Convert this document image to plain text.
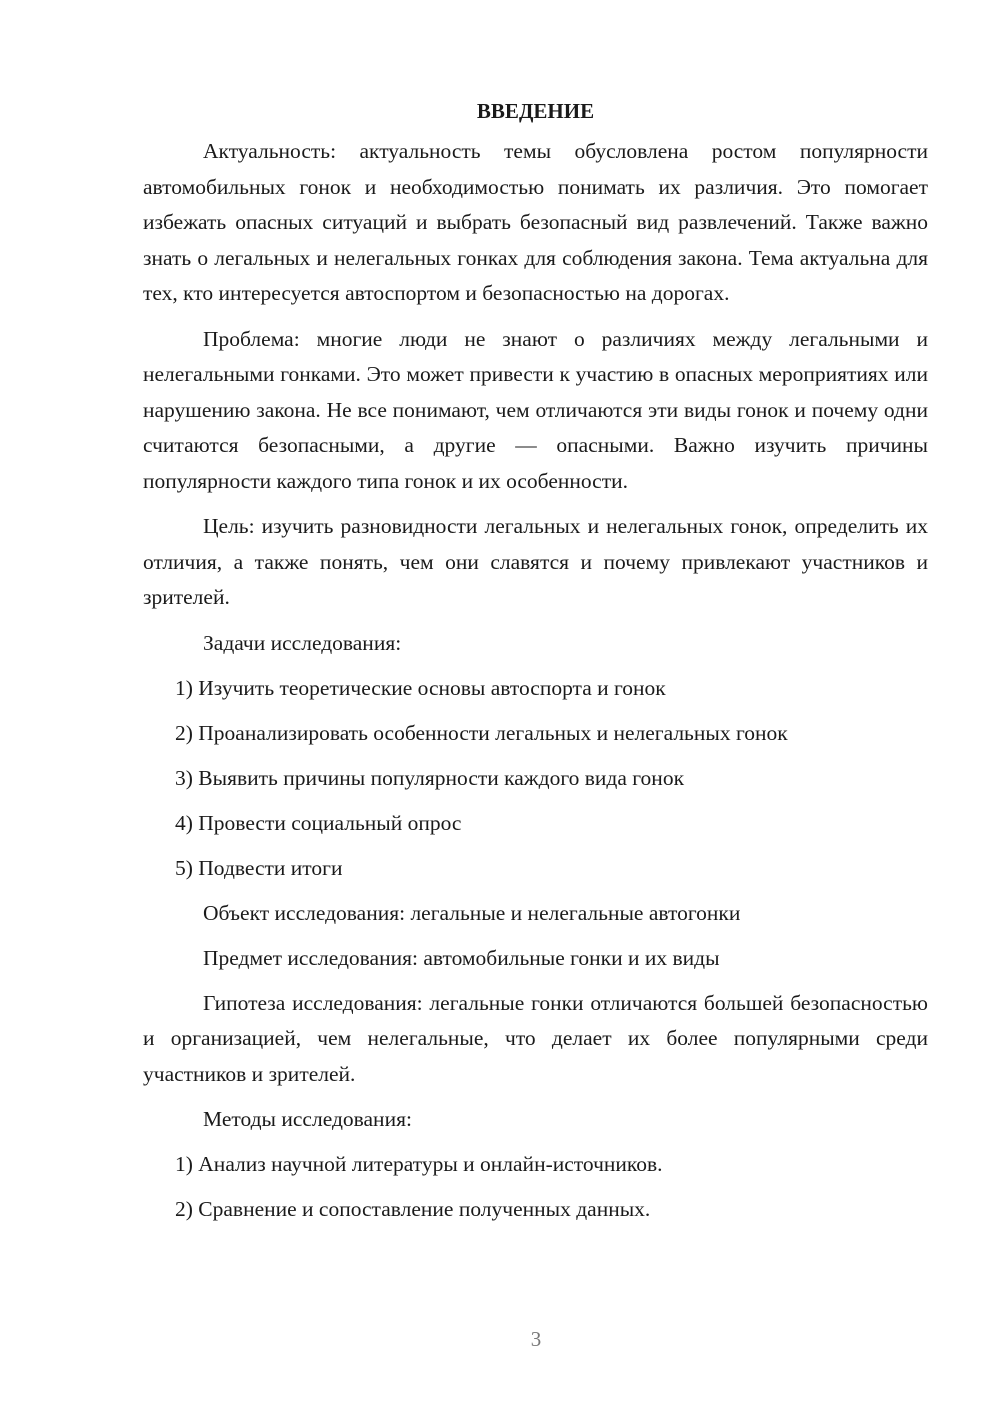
ВВЕДЕНИЕ

Актуальность: актуальность темы обусловлена ростом популярности автомобильных гонок и необходимостью понимать их различия. Это помогает избежать опасных ситуаций и выбрать безопасный вид развлечений. Также важно знать о легальных и нелегальных гонках для соблюдения закона. Тема актуальна для тех, кто интересуется автоспортом и безопасностью на дорогах.

Проблема: многие люди не знают о различиях между легальными и нелегальными гонками. Это может привести к участию в опасных мероприятиях или нарушению закона. Не все понимают, чем отличаются эти виды гонок и почему одни считаются безопасными, а другие — опасными. Важно изучить причины популярности каждого типа гонок и их особенности.

Цель: изучить разновидности легальных и нелегальных гонок, определить их отличия, а также понять, чем они славятся и почему привлекают участников и зрителей.

Задачи исследования:

1) Изучить теоретические основы автоспорта и гонок

2) Проанализировать особенности легальных и нелегальных гонок

3) Выявить причины популярности каждого вида гонок

4) Провести социальный опрос

5) Подвести итоги

Объект исследования: легальные и нелегальные автогонки

Предмет исследования: автомобильные гонки и их виды

Гипотеза исследования: легальные гонки отличаются большей безопасностью и организацией, чем нелегальные, что делает их более популярными среди участников и зрителей.

Методы исследования:

1) Анализ научной литературы и онлайн-источников.

2) Сравнение и сопоставление полученных данных.

3
